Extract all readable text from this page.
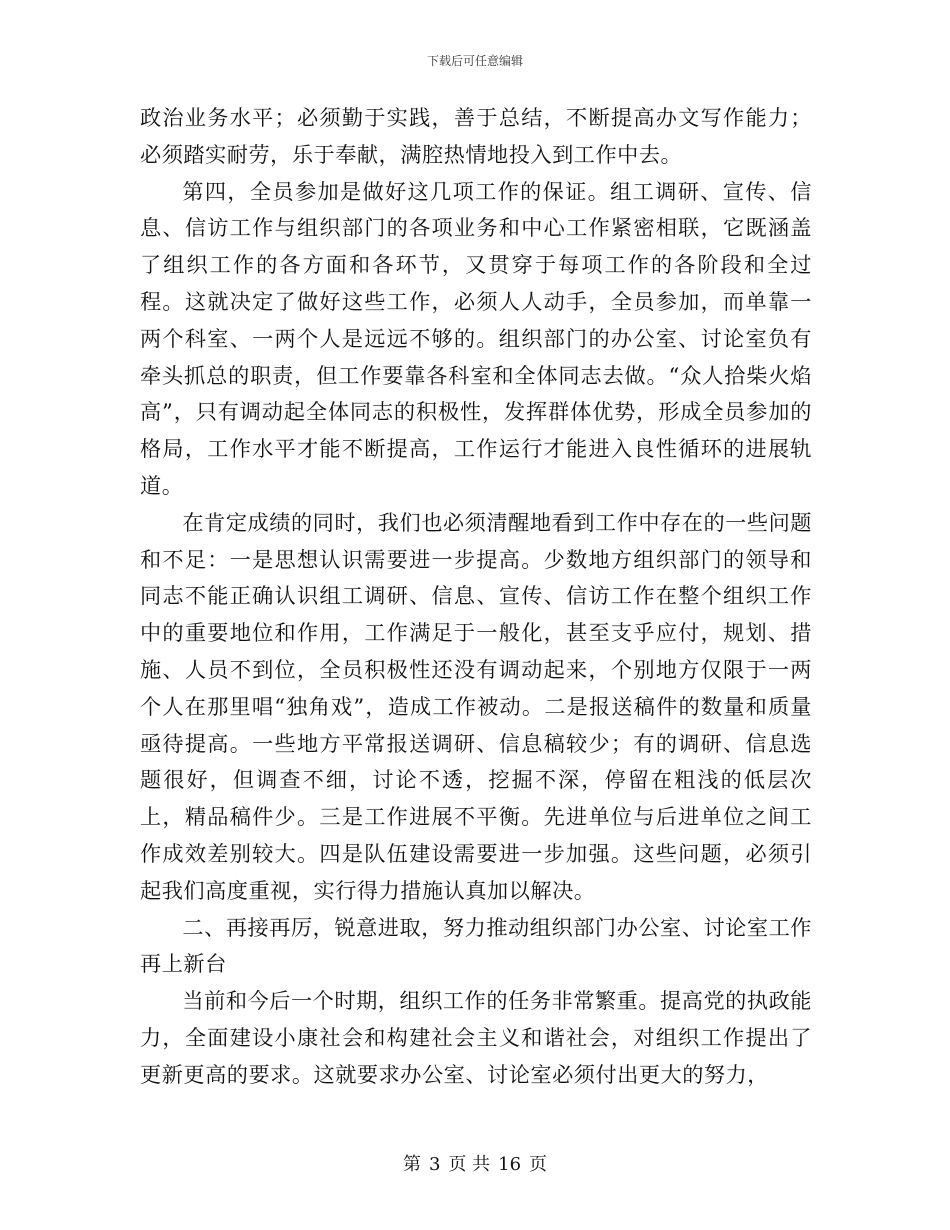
下载后可任意编辑

政治业务水平；必须勤于实践，善于总结，不断提高办文写作能力；必须踏实耐劳，乐于奉献，满腔热情地投入到工作中去。

第四，全员参加是做好这几项工作的保证。组工调研、宣传、信息、信访工作与组织部门的各项业务和中心工作紧密相联，它既涵盖了组织工作的各方面和各环节，又贯穿于每项工作的各阶段和全过程。这就决定了做好这些工作，必须人人动手，全员参加，而单靠一两个科室、一两个人是远远不够的。组织部门的办公室、讨论室负有牵头抓总的职责，但工作要靠各科室和全体同志去做。“众人拾柴火焰高”，只有调动起全体同志的积极性，发挥群体优势，形成全员参加的格局，工作水平才能不断提高，工作运行才能进入良性循环的进展轨道。

在肯定成绩的同时，我们也必须清醒地看到工作中存在的一些问题和不足：一是思想认识需要进一步提高。少数地方组织部门的领导和同志不能正确认识组工调研、信息、宣传、信访工作在整个组织工作中的重要地位和作用，工作满足于一般化，甚至支乎应付，规划、措施、人员不到位，全员积极性还没有调动起来，个别地方仅限于一两个人在那里唱“独角戏”，造成工作被动。二是报送稿件的数量和质量亟待提高。一些地方平常报送调研、信息稿较少；有的调研、信息选题很好，但调查不细，讨论不透，挖掘不深，停留在粗浅的低层次上，精品稿件少。三是工作进展不平衡。先进单位与后进单位之间工作成效差别较大。四是队伍建设需要进一步加强。这些问题，必须引起我们高度重视，实行得力措施认真加以解决。

二、再接再厉，锐意进取，努力推动组织部门办公室、讨论室工作再上新台

当前和今后一个时期，组织工作的任务非常繁重。提高党的执政能力，全面建设小康社会和构建社会主义和谐社会，对组织工作提出了更新更高的要求。这就要求办公室、讨论室必须付出更大的努力，

第 3 页 共 16 页
